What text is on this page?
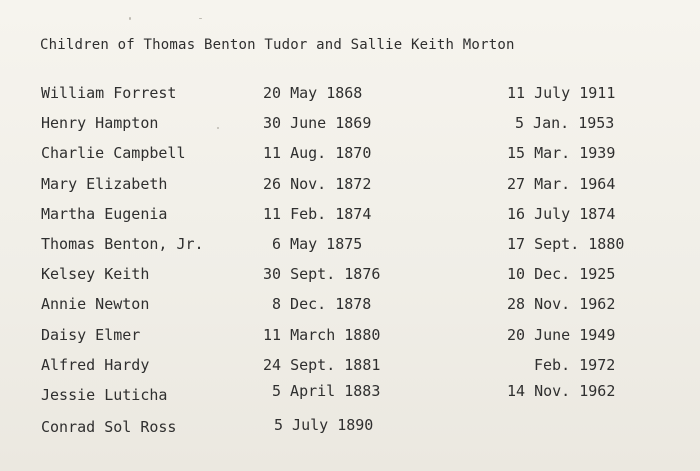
Children of Thomas Benton Tudor and Sallie Keith Morton
William Forrest	20 May 1868	11 July 1911
Henry Hampton	30 June 1869	5 Jan. 1953
Charlie Campbell	11 Aug. 1870	15 Mar. 1939
Mary Elizabeth	26 Nov. 1872	27 Mar. 1964
Martha Eugenia	11 Feb. 1874	16 July 1874
Thomas Benton, Jr.	6 May 1875	17 Sept. 1880
Kelsey Keith	30 Sept. 1876	10 Dec. 1925
Annie Newton	8 Dec. 1878	28 Nov. 1962
Daisy Elmer	11 March 1880	20 June 1949
Alfred Hardy	24 Sept. 1881	Feb. 1972
Jessie Luticha	5 April 1883	14 Nov. 1962
Conrad Sol Ross	5 July 1890
